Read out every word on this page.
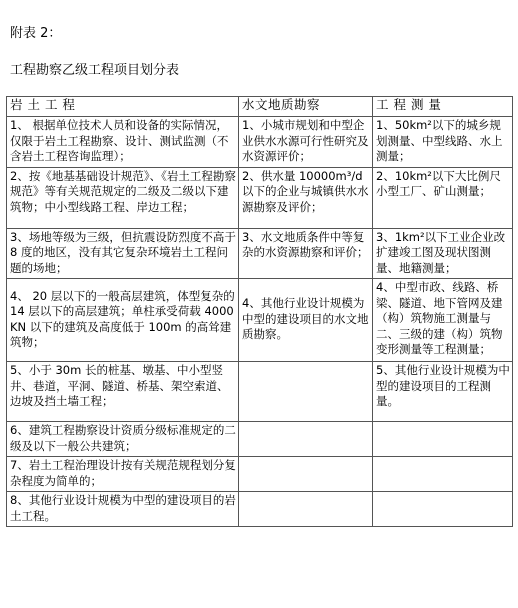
附表 2：
工程勘察乙级工程项目划分表
岩 土 工 程	水文地质勘察	工 程 测 量
1、 根据单位技术人员和设备的实际情况，仅限于岩土工程勘察、设计、测试监测（不含岩土工程咨询监理）；	1、小城市规划和中型企业供水水源可行性研究及水资源评价；	1、50km²以下的城乡规划测量、中型线路、水上测量；
2、按《地基基础设计规范》、《岩土工程勘察规范》等有关规范规定的二级及二级以下建筑物；中小型线路工程、岸边工程；	2、供水量 10000m³/d 以下的企业与城镇供水水源勘察及评价；	2、10km²以下大比例尺小型工厂、矿山测量；
3、场地等级为三级，但抗震设防烈度不高于 8 度的地区，没有其它复杂环境岩土工程问题的场地；	3、水文地质条件中等复杂的水资源勘察和评价；	3、1km²以下工业企业改扩建竣工图及现状图测量、地籍测量；
4、 20 层以下的一般高层建筑，体型复杂的 14 层以下的高层建筑；单柱承受荷载 4000KN 以下的建筑及高度低于 100m 的高耸建筑物；	4、其他行业设计规模为中型的建设项目的水文地质勘察。	4、中型市政、线路、桥梁、隧道、地下管网及建（构）筑物施工测量与二、三级的建（构）筑物变形测量等工程测量；
5、小于 30m 长的桩基、墩基、中小型竖井、巷道，平洞、隧道、桥基、架空索道、边坡及挡土墙工程；		5、其他行业设计规模为中型的建设项目的工程测量。
6、建筑工程勘察设计资质分级标准规定的二级及以下一般公共建筑；		
7、岩土工程治理设计按有关规范规程划分复杂程度为简单的；		
8、其他行业设计规模为中型的建设项目的岩土工程。		
